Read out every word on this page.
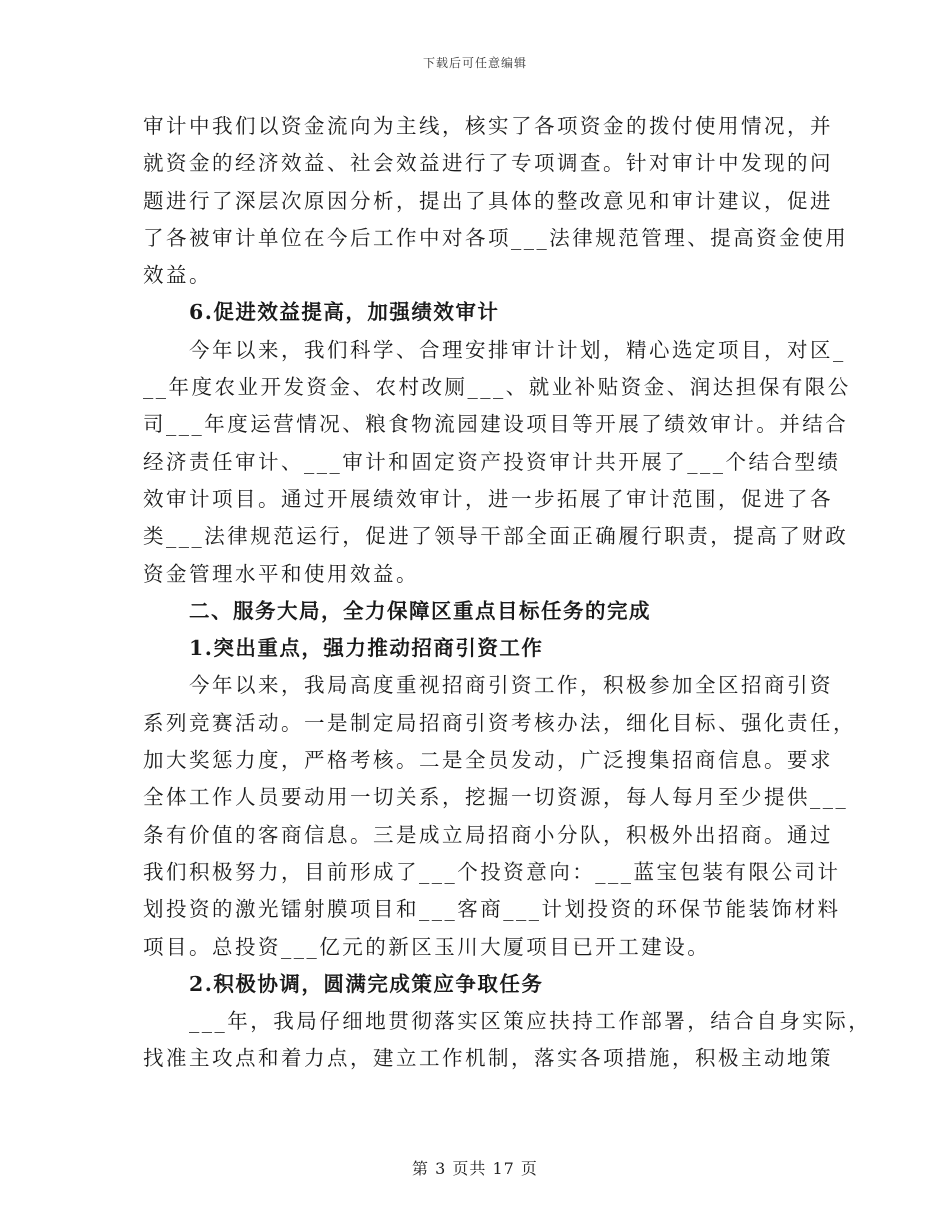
下载后可任意编辑
审计中我们以资金流向为主线，核实了各项资金的拨付使用情况，并
就资金的经济效益、社会效益进行了专项调查。针对审计中发现的问
题进行了深层次原因分析，提出了具体的整改意见和审计建议，促进
了各被审计单位在今后工作中对各项___法律规范管理、提高资金使用
效益。
6.促进效益提高，加强绩效审计
今年以来，我们科学、合理安排审计计划，精心选定项目，对区_
__年度农业开发资金、农村改厕___、就业补贴资金、润达担保有限公
司___年度运营情况、粮食物流园建设项目等开展了绩效审计。并结合
经济责任审计、___审计和固定资产投资审计共开展了___个结合型绩
效审计项目。通过开展绩效审计，进一步拓展了审计范围，促进了各
类___法律规范运行，促进了领导干部全面正确履行职责，提高了财政
资金管理水平和使用效益。
二、服务大局，全力保障区重点目标任务的完成
1.突出重点，强力推动招商引资工作
今年以来，我局高度重视招商引资工作，积极参加全区招商引资
系列竞赛活动。一是制定局招商引资考核办法，细化目标、强化责任，
加大奖惩力度，严格考核。二是全员发动，广泛搜集招商信息。要求
全体工作人员要动用一切关系，挖掘一切资源，每人每月至少提供___
条有价值的客商信息。三是成立局招商小分队，积极外出招商。通过
我们积极努力，目前形成了___个投资意向：___蓝宝包装有限公司计
划投资的激光镭射膜项目和___客商___计划投资的环保节能装饰材料
项目。总投资___亿元的新区玉川大厦项目已开工建设。
2.积极协调，圆满完成策应争取任务
___年，我局仔细地贯彻落实区策应扶持工作部署，结合自身实际，
找准主攻点和着力点，建立工作机制，落实各项措施，积极主动地策
第 3 页共 17 页
